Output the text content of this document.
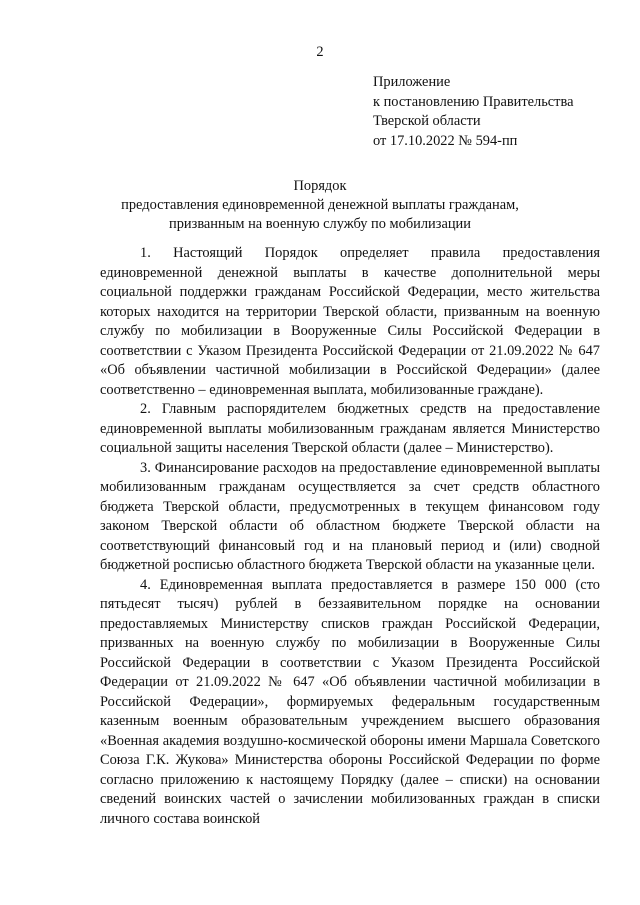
2
Приложение
к постановлению Правительства
Тверской области
от 17.10.2022 № 594-пп
Порядок
предоставления единовременной денежной выплаты гражданам,
призванным на военную службу по мобилизации

1. Настоящий Порядок определяет правила предоставления единовременной денежной выплаты в качестве дополнительной меры социальной поддержки гражданам Российской Федерации, место жительства которых находится на территории Тверской области, призванным на военную службу по мобилизации в Вооруженные Силы Российской Федерации в соответствии с Указом Президента Российской Федерации от 21.09.2022 № 647 «Об объявлении частичной мобилизации в Российской Федерации» (далее соответственно – единовременная выплата, мобилизованные граждане).

2. Главным распорядителем бюджетных средств на предоставление единовременной выплаты мобилизованным гражданам является Министерство социальной защиты населения Тверской области (далее – Министерство).

3. Финансирование расходов на предоставление единовременной выплаты мобилизованным гражданам осуществляется за счет средств областного бюджета Тверской области, предусмотренных в текущем финансовом году законом Тверской области об областном бюджете Тверской области на соответствующий финансовый год и на плановый период и (или) сводной бюджетной росписью областного бюджета Тверской области на указанные цели.

4. Единовременная выплата предоставляется в размере 150 000 (сто пятьдесят тысяч) рублей в беззаявительном порядке на основании предоставляемых Министерству списков граждан Российской Федерации, призванных на военную службу по мобилизации в Вооруженные Силы Российской Федерации в соответствии с Указом Президента Российской Федерации от 21.09.2022 № 647 «Об объявлении частичной мобилизации в Российской Федерации», формируемых федеральным государственным казенным военным образовательным учреждением высшего образования «Военная академия воздушно-космической обороны имени Маршала Советского Союза Г.К. Жукова» Министерства обороны Российской Федерации по форме согласно приложению к настоящему Порядку (далее – списки) на основании сведений воинских частей о зачислении мобилизованных граждан в списки личного состава воинской
